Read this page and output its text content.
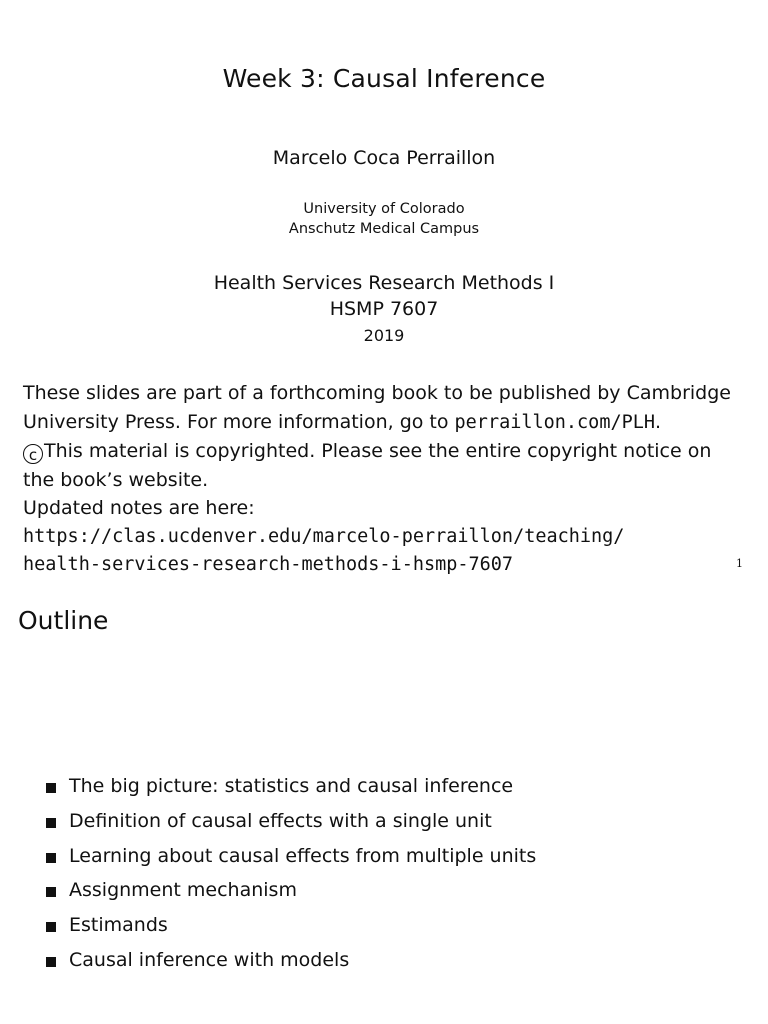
Week 3: Causal Inference
Marcelo Coca Perraillon
University of Colorado
Anschutz Medical Campus
Health Services Research Methods I
HSMP 7607
2019
These slides are part of a forthcoming book to be published by Cambridge
University Press. For more information, go to perraillon.com/PLH.
c This material is copyrighted. Please see the entire copyright notice on
the book’s website.
Updated notes are here:
https://clas.ucdenver.edu/marcelo-perraillon/teaching/
health-services-research-methods-i-hsmp-7607	1
Outline
The big picture: statistics and causal inference
Definition of causal effects with a single unit
Learning about causal effects from multiple units
Assignment mechanism
Estimands
Causal inference with models
